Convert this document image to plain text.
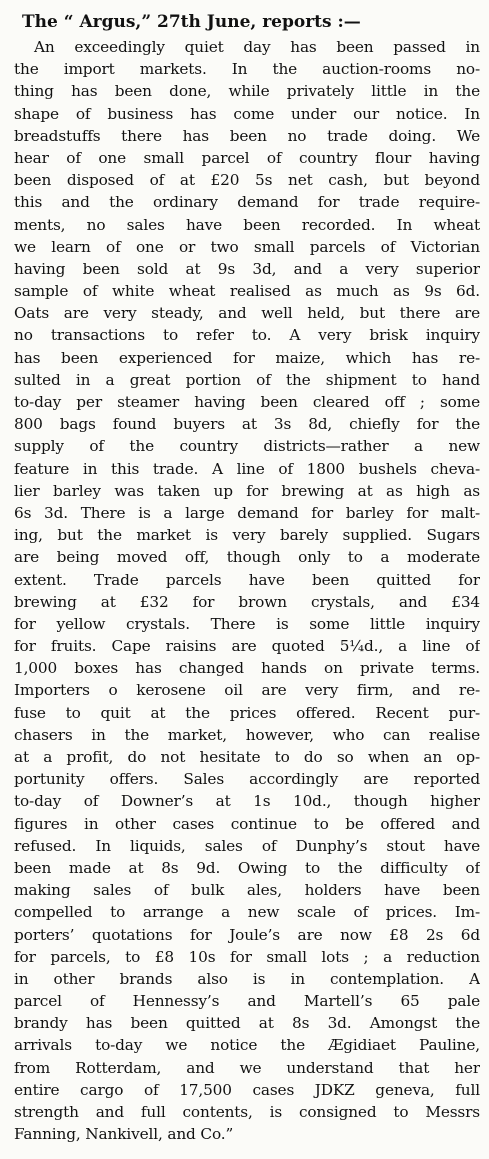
The “ Argus,” 27th June, reports :—
An exceedingly quiet day has been passed in
the import markets. In the auction-rooms no-
thing has been done, while privately little in the
shape of business has come under our notice. In
breadstuffs there has been no trade doing. We
hear of one small parcel of country flour having
been disposed of at £20 5s net cash, but beyond
this and the ordinary demand for trade require-
ments, no sales have been recorded. In wheat
we learn of one or two small parcels of Victorian
having been sold at 9s 3d, and a very superior
sample of white wheat realised as much as 9s 6d.
Oats are very steady, and well held, but there are
no transactions to refer to. A very brisk inquiry
has been experienced for maize, which has re-
sulted in a great portion of the shipment to hand
to-day per steamer having been cleared off ; some
800 bags found buyers at 3s 8d, chiefly for the
supply of the country districts—rather a new
feature in this trade. A line of 1800 bushels cheva-
lier barley was taken up for brewing at as high as
6s 3d. There is a large demand for barley for malt-
ing, but the market is very barely supplied. Sugars
are being moved off, though only to a moderate
extent. Trade parcels have been quitted for
brewing at £32 for brown crystals, and £34
for yellow crystals. There is some little inquiry
for fruits. Cape raisins are quoted 5¼d., a line of
1,000 boxes has changed hands on private terms.
Importers o kerosene oil are very firm, and re-
fuse to quit at the prices offered. Recent pur-
chasers in the market, however, who can realise
at a profit, do not hesitate to do so when an op-
portunity offers. Sales accordingly are reported
to-day of Downer’s at 1s 10d., though higher
figures in other cases continue to be offered and
refused. In liquids, sales of Dunphy’s stout have
been made at 8s 9d. Owing to the difficulty of
making sales of bulk ales, holders have been
compelled to arrange a new scale of prices. Im-
porters’ quotations for Joule’s are now £8 2s 6d
for parcels, to £8 10s for small lots ; a reduction
in other brands also is in contemplation. A
parcel of Hennessy’s and Martell’s 65 pale
brandy has been quitted at 8s 3d. Amongst the
arrivals to-day we notice the Ægidiaet Pauline,
from Rotterdam, and we understand that her
entire cargo of 17,500 cases JDKZ geneva, full
strength and full contents, is consigned to Messrs
Fanning, Nankivell, and Co.”
